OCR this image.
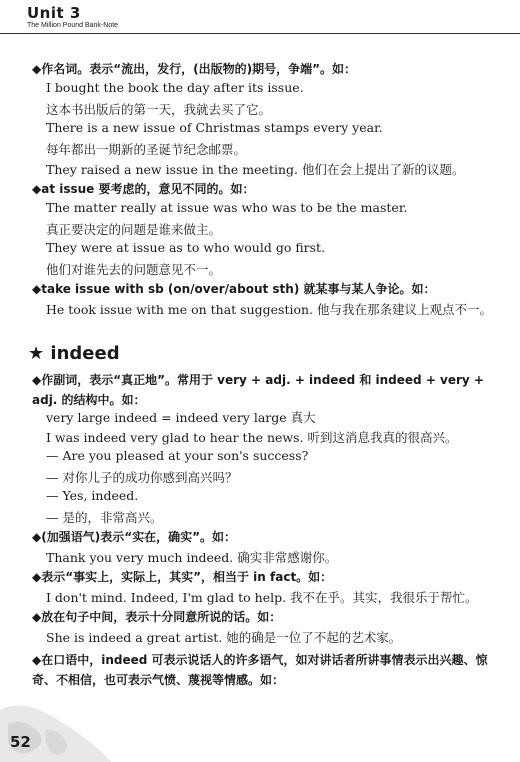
Unit 3
The Million Pound Bank-Note
52
◆作名词。表示“流出，发行，(出版物的)期号，争端”。如：
I bought the book the day after its issue.
这本书出版后的第一天，我就去买了它。
There is a new issue of Christmas stamps every year.
每年都出一期新的圣诞节纪念邮票。
They raised a new issue in the meeting. 他们在会上提出了新的议题。
◆at issue 要考虑的，意见不同的。如：
The matter really at issue was who was to be the master.
真正要决定的问题是谁来做主。
They were at issue as to who would go first.
他们对谁先去的问题意见不一。
◆take issue with sb (on/over/about sth) 就某事与某人争论。如：
He took issue with me on that suggestion. 他与我在那条建议上观点不一。
★ indeed
◆作副词，表示“真正地”。常用于 very + adj. + indeed 和 indeed + very + adj. 的结构中。如：
very large indeed = indeed very large 真大
I was indeed very glad to hear the news. 听到这消息我真的很高兴。
— Are you pleased at your son's success?
— 对你儿子的成功你感到高兴吗？
— Yes, indeed.
— 是的，非常高兴。
◆(加强语气)表示“实在，确实”。如：
Thank you very much indeed. 确实非常感谢你。
◆表示“事实上，实际上，其实”，相当于 in fact。如：
I don't mind. Indeed, I'm glad to help. 我不在乎。其实，我很乐于帮忙。
◆放在句子中间，表示十分同意所说的话。如：
She is indeed a great artist. 她的确是一位了不起的艺术家。
◆在口语中，indeed 可表示说话人的许多语气，如对讲话者所讲事情表示出兴趣、惊奇、不相信，也可表示气愤、蔑视等情感。如：
